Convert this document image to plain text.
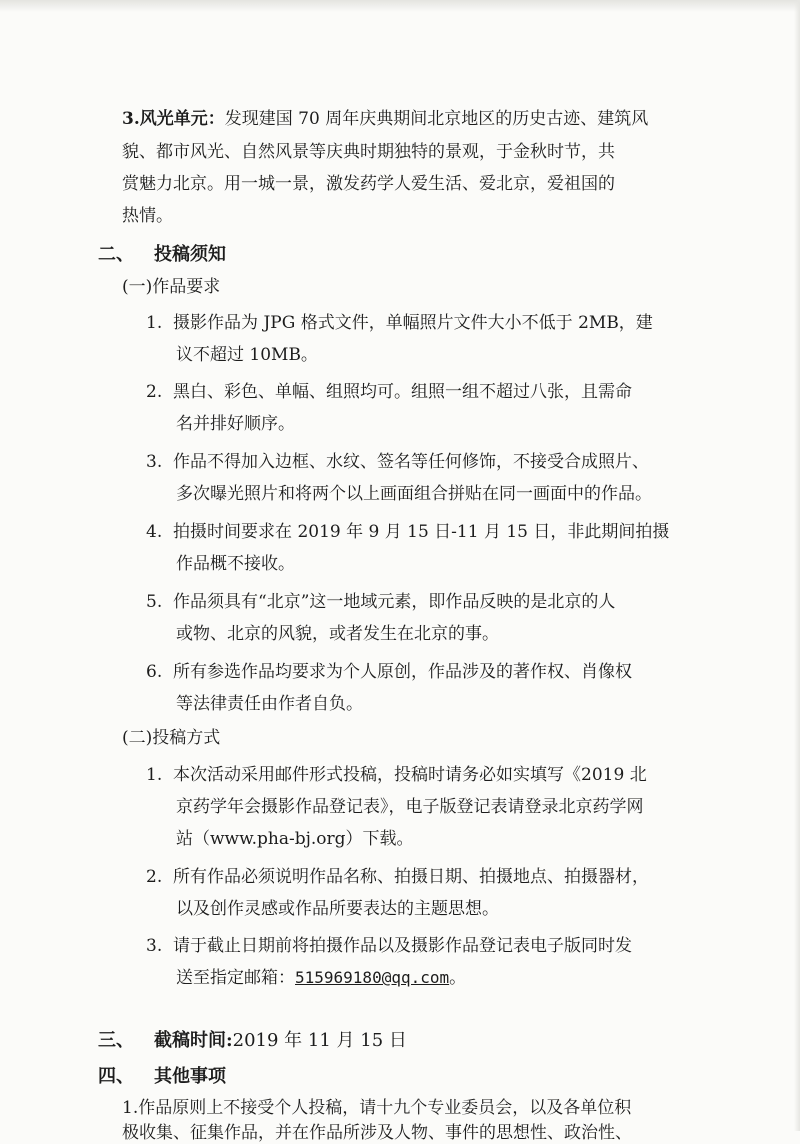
3.风光单元：发现建国 70 周年庆典期间北京地区的历史古迹、建筑风
貌、都市风光、自然风景等庆典时期独特的景观，于金秋时节，共
赏魅力北京。用一城一景，激发药学人爱生活、爱北京，爱祖国的
热情。
二、 投稿须知
(一)作品要求
1. 摄影作品为 JPG 格式文件，单幅照片文件大小不低于 2MB，建
议不超过 10MB。
2. 黑白、彩色、单幅、组照均可。组照一组不超过八张，且需命
名并排好顺序。
3. 作品不得加入边框、水纹、签名等任何修饰，不接受合成照片、
多次曝光照片和将两个以上画面组合拼贴在同一画面中的作品。
4. 拍摄时间要求在 2019 年 9 月 15 日-11 月 15 日，非此期间拍摄
作品概不接收。
5. 作品须具有“北京”这一地域元素，即作品反映的是北京的人
或物、北京的风貌，或者发生在北京的事。
6. 所有参选作品均要求为个人原创，作品涉及的著作权、肖像权
等法律责任由作者自负。
(二)投稿方式
1. 本次活动采用邮件形式投稿，投稿时请务必如实填写《2019 北
京药学年会摄影作品登记表》，电子版登记表请登录北京药学网
站（www.pha-bj.org）下载。
2. 所有作品必须说明作品名称、拍摄日期、拍摄地点、拍摄器材，
以及创作灵感或作品所要表达的主题思想。
3. 请于截止日期前将拍摄作品以及摄影作品登记表电子版同时发
送至指定邮箱：515969180@qq.com。
三、 截稿时间:2019 年 11 月 15 日
四、 其他事项
1.作品原则上不接受个人投稿，请十九个专业委员会，以及各单位积
极收集、征集作品，并在作品所涉及人物、事件的思想性、政治性、
